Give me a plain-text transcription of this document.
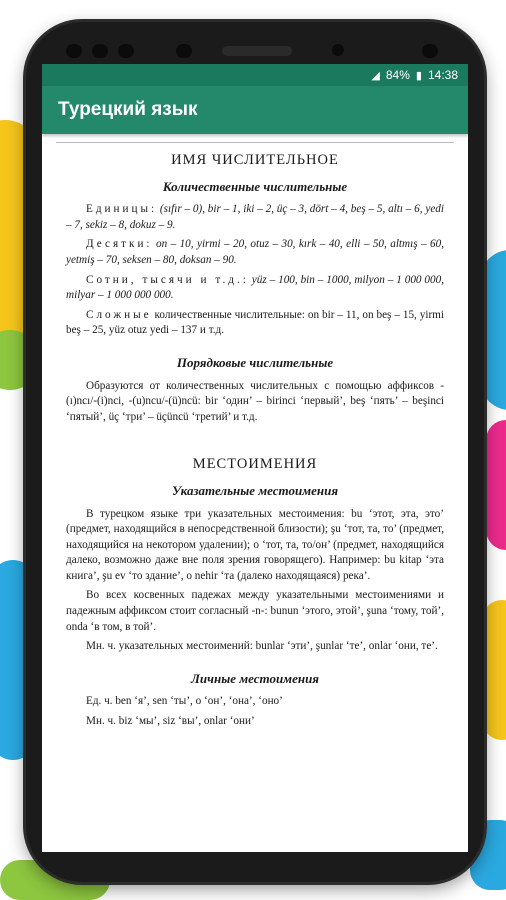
◢ 84% ▮ 14:38
Турецкий язык
ИМЯ ЧИСЛИТЕЛЬНОЕ
Количественные числительные

Единицы: (sıfır – 0), bir – 1, iki – 2, üç – 3, dört – 4, beş – 5, altı – 6, yedi – 7, sekiz – 8, dokuz – 9.

Десятки: on – 10, yirmi – 20, otuz – 30, kırk – 40, elli – 50, altmış – 60, yetmiş – 70, seksen – 80, doksan – 90.

Сотни, тысячи и т.д.: yüz – 100, bin – 1000, milyon – 1 000 000, milyar – 1 000 000 000.

Сложные количественные числительные: on bir – 11, on beş – 15, yirmi beş – 25, yüz otuz yedi – 137 и т.д.

Порядковые числительные

Образуются от количественных числительных с помощью аффиксов -(ı)ncı/-(i)nci, -(u)ncu/-(ü)ncü: bir ‘один’ – birinci ‘первый’, beş ‘пять’ – beşinci ‘пятый’, üç ‘три’ – üçüncü ‘третий’ и т.д.

МЕСТОИМЕНИЯ
Указательные местоимения

В турецком языке три указательных местоимения: bu ‘этот, эта, это’ (предмет, находящийся в непосредственной близости); şu ‘тот, та, то’ (предмет, находящийся на некотором удалении); o ‘тот, та, то/он’ (предмет, находящийся далеко, возможно даже вне поля зрения говорящего). Например: bu kitap ‘эта книга’, şu ev ‘то здание’, o nehir ‘та (далеко находящаяся) река’.

Во всех косвенных падежах между указательными местоимениями и падежным аффиксом стоит согласный -n-: bunun ‘этого, этой’, şuna ‘тому, той’, onda ‘в том, в той’.

Мн. ч. указательных местоимений: bunlar ‘эти’, şunlar ‘те’, onlar ‘они, те’.

Личные местоимения

Ед. ч. ben ‘я’, sen ‘ты’, o ‘он’, ‘она’, ‘оно’

Мн. ч. biz ‘мы’, siz ‘вы’, onlar ‘они’
